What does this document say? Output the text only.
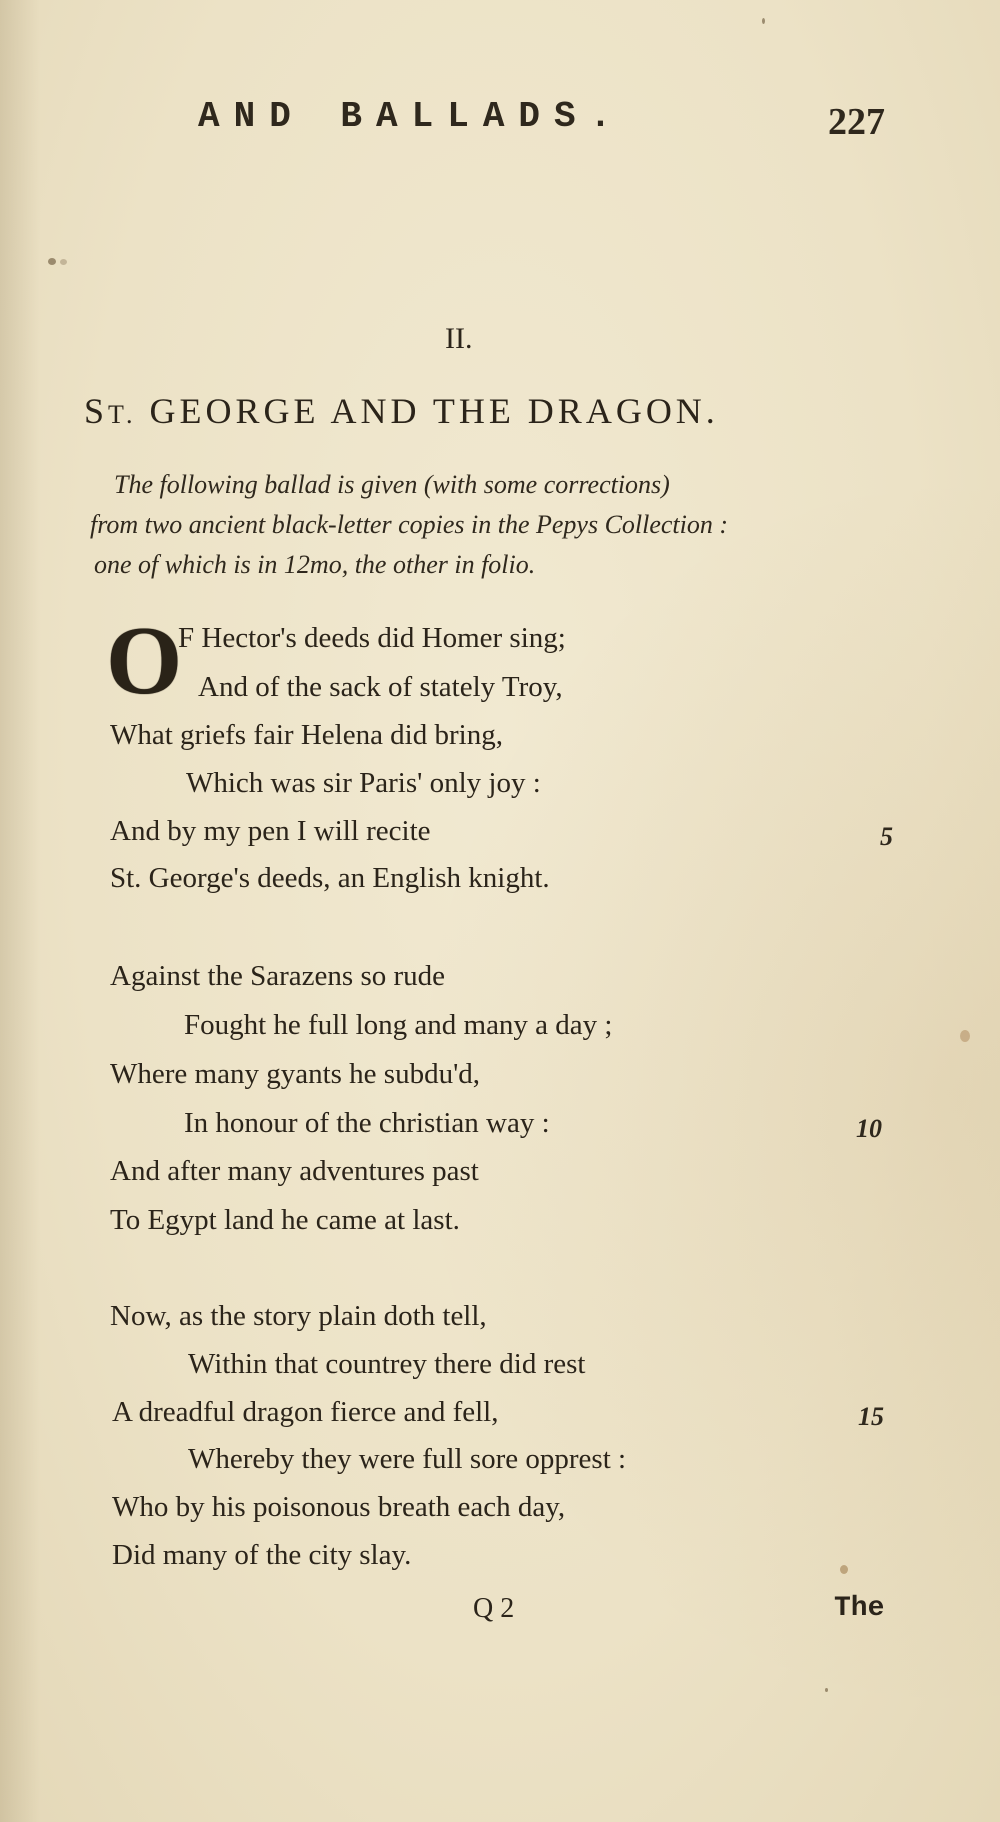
AND BALLADS.	227
II.
ST. GEORGE AND THE DRAGON.
The following ballad is given (with some corrections)
from two ancient black-letter copies in the Pepys Collection :
one of which is in 12mo, the other in folio.
O
F Hector's deeds did Homer sing;
And of the sack of stately Troy,
What griefs fair Helena did bring,
Which was sir Paris' only joy :
And by my pen I will recite	5
St. George's deeds, an English knight.
Against the Sarazens so rude
Fought he full long and many a day ;
Where many gyants he subdu'd,
In honour of the christian way :	10
And after many adventures past
To Egypt land he came at last.
Now, as the story plain doth tell,
Within that countrey there did rest
A dreadful dragon fierce and fell,	15
Whereby they were full sore opprest :
Who by his poisonous breath each day,
Did many of the city slay.
Q 2	The
